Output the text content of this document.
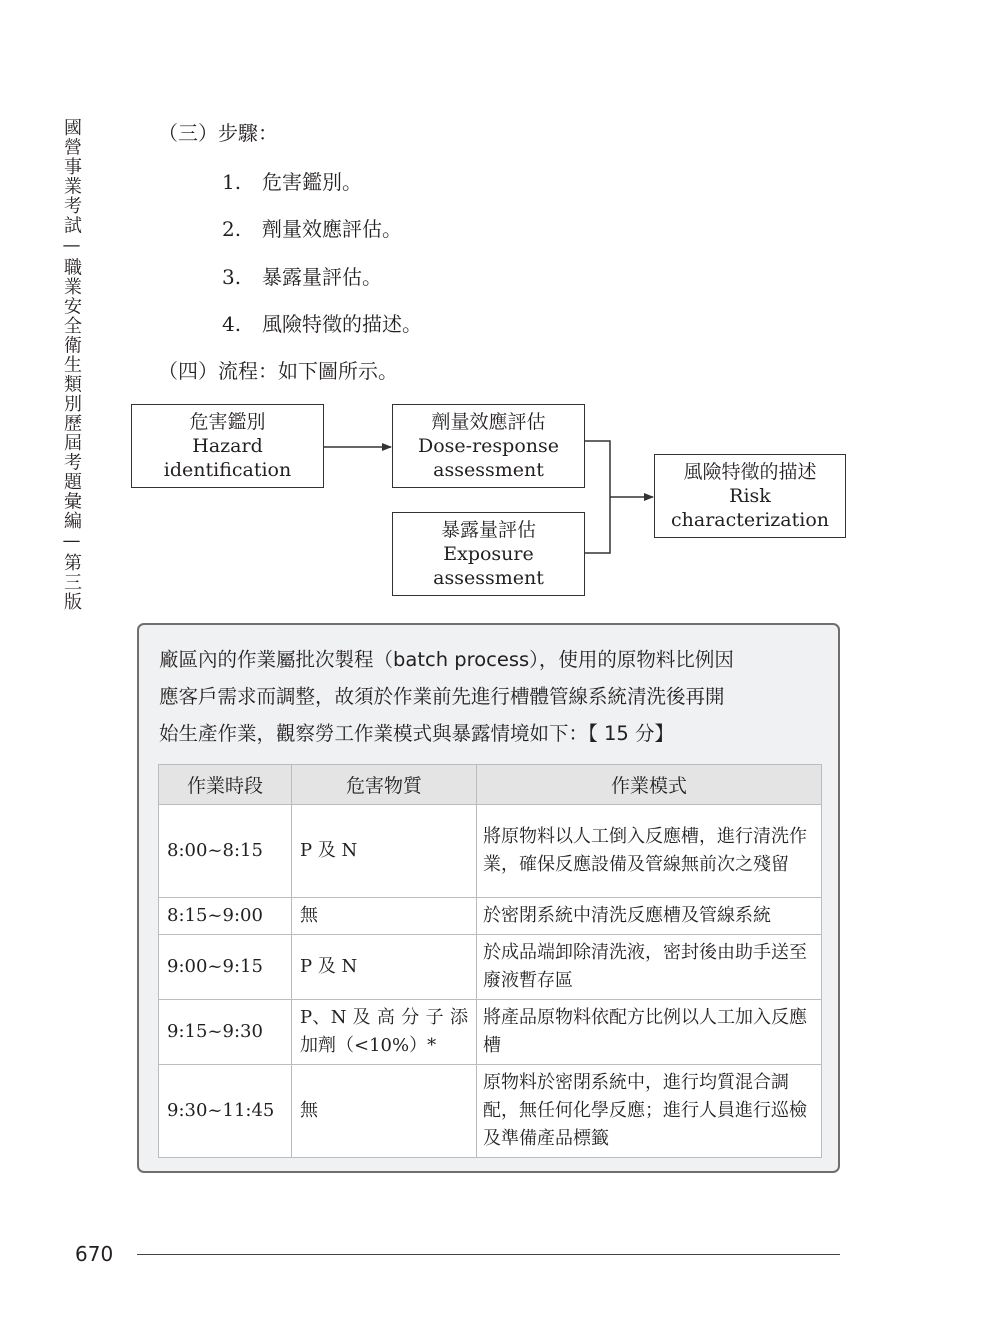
國營事業考試—職業安全衛生類別歷屆考題彙編—第三版	（三）步驟：
1. 危害鑑別。
2. 劑量效應評估。
3. 暴露量評估。
4. 風險特徵的描述。
（四）流程：如下圖所示。
危害鑑別
Hazard
identification
劑量效應評估
Dose-response
assessment
暴露量評估
Exposure
assessment
風險特徵的描述
Risk
characterization
廠區內的作業屬批次製程（batch process），使用的原物料比例因
應客戶需求而調整，故須於作業前先進行槽體管線系統清洗後再開
始生產作業，觀察勞工作業模式與暴露情境如下：【 15 分】
作業時段	危害物質	作業模式
8:00~8:15	P 及 N	將原物料以人工倒入反應槽，進行清洗作業，確保反應設備及管線無前次之殘留
8:15~9:00	無	於密閉系統中清洗反應槽及管線系統
9:00~9:15	P 及 N	於成品端卸除清洗液，密封後由助手送至廢液暫存區
9:15~9:30	P、N 及 高 分 子 添加劑（<10%）*	將產品原物料依配方比例以人工加入反應槽
9:30~11:45	無	原物料於密閉系統中，進行均質混合調配，無任何化學反應；進行人員進行巡檢及準備產品標籤
670
